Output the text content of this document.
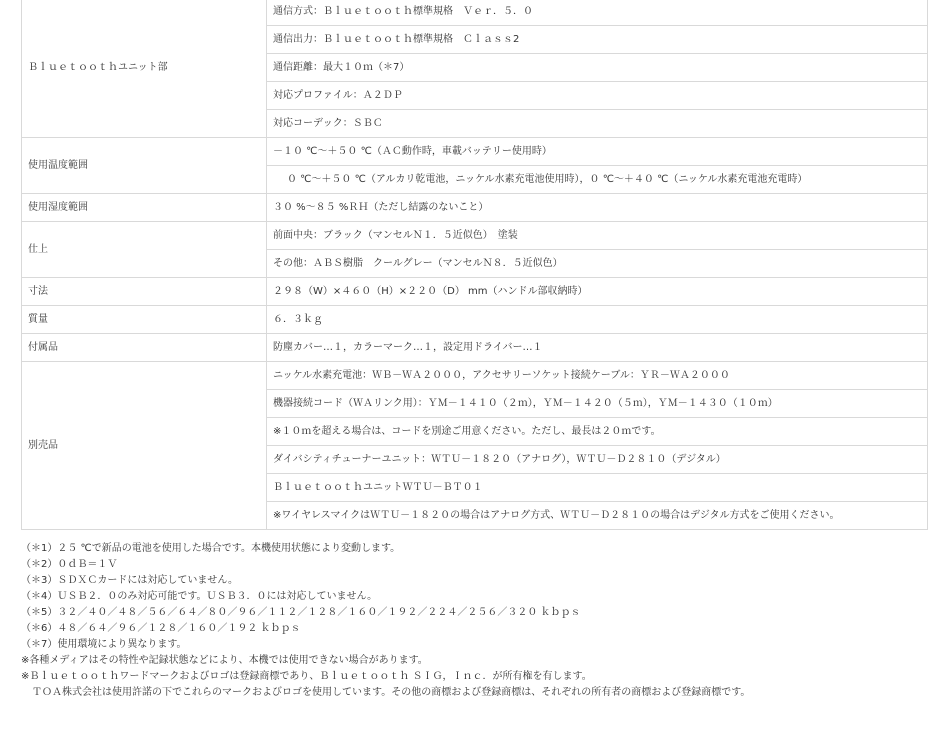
Ｂｌｕｅｔｏｏｔｈユニット部	通信方式：Ｂｌｕｅｔｏｏｔｈ標準規格　Ｖｅｒ．５．０
	通信出力：Ｂｌｕｅｔｏｏｔｈ標準規格　Ｃｌａｓｓ2
	通信距離：最大１０ｍ（＊7）
	対応プロファイル：Ａ２ＤＰ
	対応コーデック：ＳＢＣ
使用温度範囲	－１０ ℃～＋５０ ℃（ＡＣ動作時，車載バッテリー使用時）
	０ ℃～＋５０ ℃（アルカリ乾電池，ニッケル水素充電池使用時），０ ℃～＋４０ ℃（ニッケル水素充電池充電時）
使用湿度範囲	３０ %～８５ %ＲＨ（ただし結露のないこと）
仕上	前面中央：ブラック（マンセルＮ１．５近似色）　塗装
	その他：ＡＢＳ樹脂　クールグレー（マンセルＮ８．５近似色）
寸法	２９８（W）×４６０（H）×２２０（D） mm（ハンドル部収納時）
質量	６．３ｋｇ
付属品	防塵カバー…１，カラーマーク…１，設定用ドライバー…１
別売品	ニッケル水素充電池：ＷＢ－ＷＡ２０００，アクセサリーソケット接続ケーブル：ＹＲ－ＷＡ２０００
	機器接続コード（ＷＡリンク用）：ＹＭ－１４１０（２ｍ），ＹＭ－１４２０（５ｍ），ＹＭ－１４３０（１０ｍ）
	※１０ｍを超える場合は、コードを別途ご用意ください。ただし、最長は２０ｍです。
	ダイバシティチューナーユニット：ＷＴＵ－１８２０（アナログ），ＷＴＵ－Ｄ２８１０（デジタル）
	ＢｌｕｅｔｏｏｔｈユニットＷＴＵ－ＢＴ０１
	※ワイヤレスマイクはＷＴＵ－１８２０の場合はアナログ方式、ＷＴＵ－Ｄ２８１０の場合はデジタル方式をご使用ください。
（＊1）２５ ℃で新品の電池を使用した場合です。本機使用状態により変動します。
（＊2）０ｄＢ＝１Ｖ
（＊3）ＳＤＸＣカードには対応していません。
（＊4）ＵＳＢ２．０のみ対応可能です。ＵＳＢ３．０には対応していません。
（＊5）３２／４０／４８／５６／６４／８０／９６／１１２／１２８／１６０／１９２／２２４／２５６／３２０ ｋｂｐｓ
（＊6）４８／６４／９６／１２８／１６０／１９２ ｋｂｐｓ
（＊7）使用環境により異なります。
※各種メディアはその特性や記録状態などにより、本機では使用できない場合があります。
※Ｂｌｕｅｔｏｏｔｈワードマークおよびロゴは登録商標であり、Ｂｌｕｅｔｏｏｔｈ ＳＩＧ，Ｉｎｃ．が所有権を有します。
ＴＯＡ株式会社は使用許諾の下でこれらのマークおよびロゴを使用しています。その他の商標および登録商標は、それぞれの所有者の商標および登録商標です。
